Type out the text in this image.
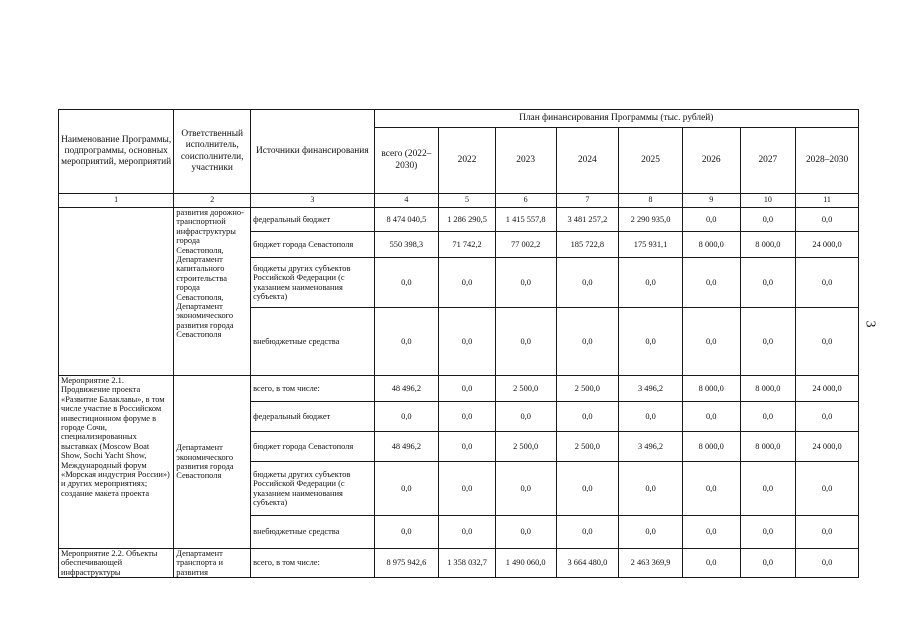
3
Наименование Программы, подпрограммы, основных мероприятий, мероприятий	Ответственный исполнитель, соисполнители, участники	Источники финансирования	План финансирования Программы (тыс. рублей)							
			всего (2022–2030)	2022	2023	2024	2025	2026	2027	2028–2030
1	2	3	4	5	6	7	8	9	10	11
	развития дорожно-транспортной инфраструктуры города Севастополя, Департамент капитального строительства города Севастополя, Департамент экономического развития города Севастополя	федеральный бюджет	8 474 040,5	1 286 290,5	1 415 557,8	3 481 257,2	2 290 935,0	0,0	0,0	0,0
		бюджет города Севастополя	550 398,3	71 742,2	77 002,2	185 722,8	175 931,1	8 000,0	8 000,0	24 000,0
		бюджеты других субъектов Российской Федерации (с указанием наименования субъекта)	0,0	0,0	0,0	0,0	0,0	0,0	0,0	0,0
		внебюджетные средства	0,0	0,0	0,0	0,0	0,0	0,0	0,0	0,0
Мероприятие 2.1. Продвижение проекта «Развитие Балаклавы», в том числе участие в Российском инвестиционном форуме в городе Сочи, специализированных выставках (Moscow Boat Show, Sochi Yacht Show, Международный форум «Морская индустрия России») и других мероприятиях; создание макета проекта	Департамент экономического развития города Севастополя	всего, в том числе:	48 496,2	0,0	2 500,0	2 500,0	3 496,2	8 000,0	8 000,0	24 000,0
		федеральный бюджет	0,0	0,0	0,0	0,0	0,0	0,0	0,0	0,0
		бюджет города Севастополя	48 496,2	0,0	2 500,0	2 500,0	3 496,2	8 000,0	8 000,0	24 000,0
		бюджеты других субъектов Российской Федерации (с указанием наименования субъекта)	0,0	0,0	0,0	0,0	0,0	0,0	0,0	0,0
		внебюджетные средства	0,0	0,0	0,0	0,0	0,0	0,0	0,0	0,0
Мероприятие 2.2. Объекты обеспечивающей инфраструктуры	Департамент транспорта и развития	всего, в том числе:	8 975 942,6	1 358 032,7	1 490 060,0	3 664 480,0	2 463 369,9	0,0	0,0	0,0
